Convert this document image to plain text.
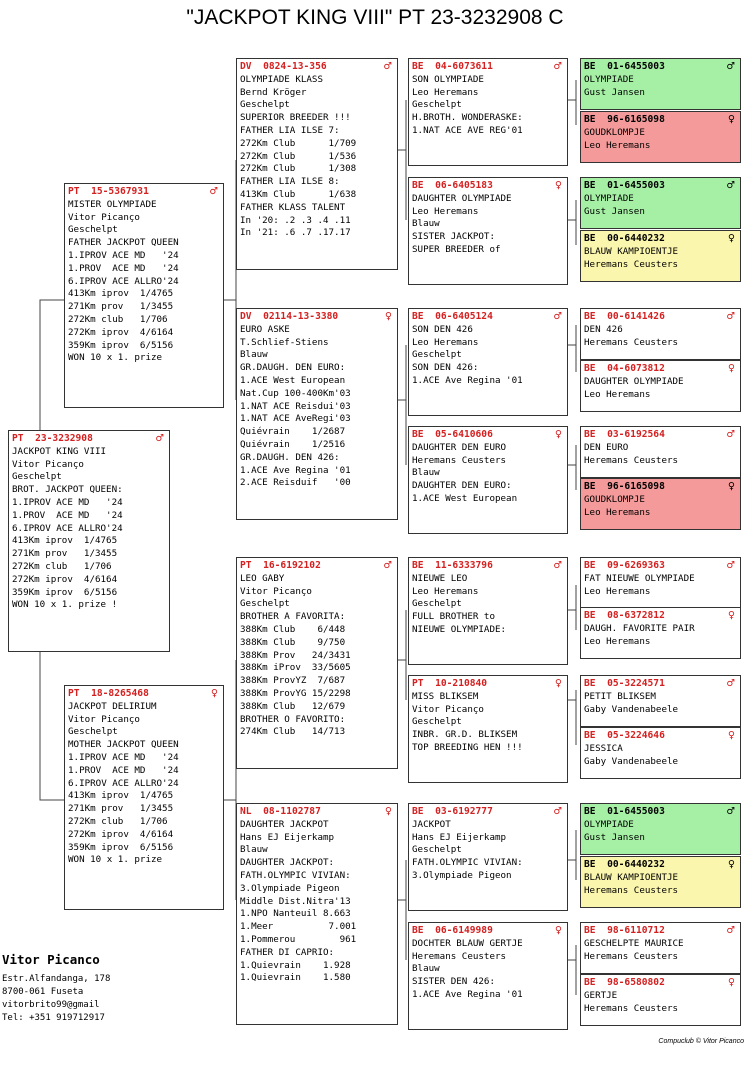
"JACKPOT KING VIII" PT 23-3232908 C
PT  23-3232908	♂
JACKPOT KING VIII
Vitor Picanço
Geschelpt
BROT. JACKPOT QUEEN:
1.IPROV ACE MD   '24
1.PROV  ACE MD   '24
6.IPROV ACE ALLRO'24
413Km iprov  1/4765
271Km prov   1/3455
272Km club   1/706
272Km iprov  4/6164
359Km iprov  6/5156
WON 10 x 1. prize !
PT  15-5367931	♂
MISTER OLYMPIADE
Vitor Picanço
Geschelpt
FATHER JACKPOT QUEEN
1.IPROV ACE MD   '24
1.PROV  ACE MD   '24
6.IPROV ACE ALLRO'24
413Km iprov  1/4765
271Km prov   1/3455
272Km club   1/706
272Km iprov  4/6164
359Km iprov  6/5156
WON 10 x 1. prize
PT  18-8265468	♀
JACKPOT DELIRIUM
Vitor Picanço
Geschelpt
MOTHER JACKPOT QUEEN
1.IPROV ACE MD   '24
1.PROV  ACE MD   '24
6.IPROV ACE ALLRO'24
413Km iprov  1/4765
271Km prov   1/3455
272Km club   1/706
272Km iprov  4/6164
359Km iprov  6/5156
WON 10 x 1. prize
DV  0824-13-356	♂
OLYMPIADE KLASS
Bernd Kröger
Geschelpt
SUPERIOR BREEDER !!!
FATHER LIA ILSE 7:
272Km Club      1/709
272Km Club      1/536
272Km Club      1/308
FATHER LIA ILSE 8:
413Km Club      1/638
FATHER KLASS TALENT
In '20: .2 .3 .4 .11
In '21: .6 .7 .17.17
DV  02114-13-3380	♀
EURO ASKE
T.Schlief-Stiens
Blauw
GR.DAUGH. DEN EURO:
1.ACE West European
Nat.Cup 100-400Km'03
1.NAT ACE Reisdui'03
1.NAT ACE AveRegi'03
Quiévrain    1/2687
Quiévrain    1/2516
GR.DAUGH. DEN 426:
1.ACE Ave Regina '01
2.ACE Reisduif   '00
PT  16-6192102	♂
LEO GABY
Vitor Picanço
Geschelpt
BROTHER A FAVORITA:
388Km Club    6/448
388Km Club    9/750
388Km Prov   24/3431
388Km iProv  33/5605
388Km ProvYZ  7/687
388Km ProvYG 15/2298
388Km Club   12/679
BROTHER O FAVORITO:
274Km Club   14/713
NL  08-1102787	♀
DAUGHTER JACKPOT
Hans EJ Eijerkamp
Blauw
DAUGHTER JACKPOT:
FATH.OLYMPIC VIVIAN:
3.Olympiade Pigeon
Middle Dist.Nitra'13
1.NPO Nanteuil 8.663
1.Meer          7.001
1.Pommerou        961
FATHER DI CAPRIO:
1.Quievrain    1.928
1.Quievrain    1.580
BE  04-6073611	♂
SON OLYMPIADE
Leo Heremans
Geschelpt
H.BROTH. WONDERASKE:
1.NAT ACE AVE REG'01
BE  06-6405183	♀
DAUGHTER OLYMPIADE
Leo Heremans
Blauw
SISTER JACKPOT:
SUPER BREEDER of
BE  06-6405124	♂
SON DEN 426
Leo Heremans
Geschelpt
SON DEN 426:
1.ACE Ave Regina '01
BE  05-6410606	♀
DAUGHTER DEN EURO
Heremans Ceusters
Blauw
DAUGHTER DEN EURO:
1.ACE West European
BE  11-6333796	♂
NIEUWE LEO
Leo Heremans
Geschelpt
FULL BROTHER to
NIEUWE OLYMPIADE:
PT  10-210840	♀
MISS BLIKSEM
Vitor Picanço
Geschelpt
INBR. GR.D. BLIKSEM
TOP BREEDING HEN !!!
BE  03-6192777	♂
JACKPOT
Hans EJ Eijerkamp
Geschelpt
FATH.OLYMPIC VIVIAN:
3.Olympiade Pigeon
BE  06-6149989	♀
DOCHTER BLAUW GERTJE
Heremans Ceusters
Blauw
SISTER DEN 426:
1.ACE Ave Regina '01
BE  01-6455003	♂
OLYMPIADE
Gust Jansen
BE  96-6165098	♀
GOUDKLOMPJE
Leo Heremans
BE  01-6455003	♂
OLYMPIADE
Gust Jansen
BE  00-6440232	♀
BLAUW KAMPIOENTJE
Heremans Ceusters
BE  00-6141426	♂
DEN 426
Heremans Ceusters
BE  04-6073812	♀
DAUGHTER OLYMPIADE
Leo Heremans
BE  03-6192564	♂
DEN EURO
Heremans Ceusters
BE  96-6165098	♀
GOUDKLOMPJE
Leo Heremans
BE  09-6269363	♂
FAT NIEUWE OLYMPIADE
Leo Heremans
BE  08-6372812	♀
DAUGH. FAVORITE PAIR
Leo Heremans
BE  05-3224571	♂
PETIT BLIKSEM
Gaby Vandenabeele
BE  05-3224646	♀
JESSICA
Gaby Vandenabeele
BE  01-6455003	♂
OLYMPIADE
Gust Jansen
BE  00-6440232	♀
BLAUW KAMPIOENTJE
Heremans Ceusters
BE  98-6110712	♂
GESCHELPTE MAURICE
Heremans Ceusters
BE  98-6580802	♀
GERTJE
Heremans Ceusters
Vitor Picanco
Estr.Alfandanga, 178
8700-061 Fuseta
vitorbrito99@gmail
Tel: +351 919712917
Compuclub © Vitor Picanco
